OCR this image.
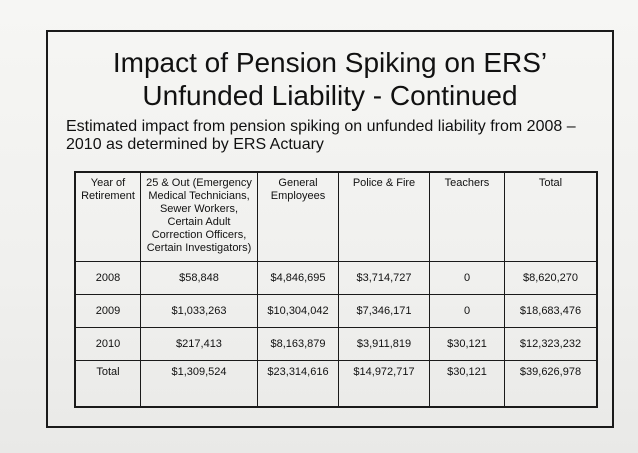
Impact of Pension Spiking on ERS’
Unfunded Liability - Continued
Estimated impact from pension spiking on unfunded liability from 2008 – 2010 as determined by ERS Actuary
Year of Retirement	25 & Out (Emergency Medical Technicians, Sewer Workers, Certain Adult Correction Officers, Certain Investigators)	General Employees	Police & Fire	Teachers	Total
2008	$58,848	$4,846,695	$3,714,727	0	$8,620,270
2009	$1,033,263	$10,304,042	$7,346,171	0	$18,683,476
2010	$217,413	$8,163,879	$3,911,819	$30,121	$12,323,232
Total	$1,309,524	$23,314,616	$14,972,717	$30,121	$39,626,978
